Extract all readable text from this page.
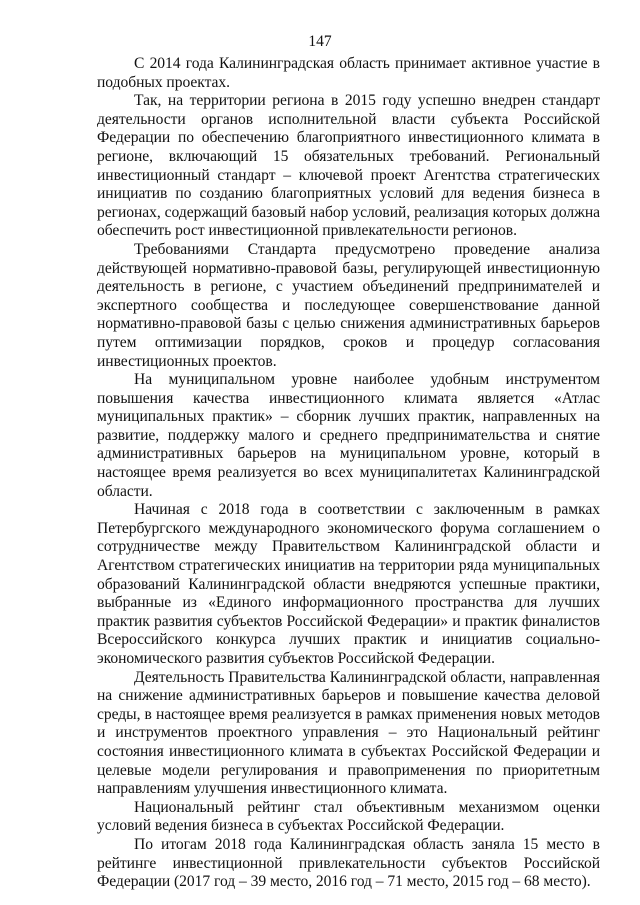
147

С 2014 года Калининградская область принимает активное участие в подобных проектах.

Так, на территории региона в 2015 году успешно внедрен стандарт деятельности органов исполнительной власти субъекта Российской Федерации по обеспечению благоприятного инвестиционного климата в регионе, включающий 15 обязательных требований. Региональный инвестиционный стандарт – ключевой проект Агентства стратегических инициатив по созданию благоприятных условий для ведения бизнеса в регионах, содержащий базовый набор условий, реализация которых должна обеспечить рост инвестиционной привлекательности регионов.

Требованиями Стандарта предусмотрено проведение анализа действующей нормативно-правовой базы, регулирующей инвестиционную деятельность в регионе, с участием объединений предпринимателей и экспертного сообщества и последующее совершенствование данной нормативно-правовой базы с целью снижения административных барьеров путем оптимизации порядков, сроков и процедур согласования инвестиционных проектов.

На муниципальном уровне наиболее удобным инструментом повышения качества инвестиционного климата является «Атлас муниципальных практик» – сборник лучших практик, направленных на развитие, поддержку малого и среднего предпринимательства и снятие административных барьеров на муниципальном уровне, который в настоящее время реализуется во всех муниципалитетах Калининградской области.

Начиная с 2018 года в соответствии с заключенным в рамках Петербургского международного экономического форума соглашением о сотрудничестве между Правительством Калининградской области и Агентством стратегических инициатив на территории ряда муниципальных образований Калининградской области внедряются успешные практики, выбранные из «Единого информационного пространства для лучших практик развития субъектов Российской Федерации» и практик финалистов Всероссийского конкурса лучших практик и инициатив социально-экономического развития субъектов Российской Федерации.

Деятельность Правительства Калининградской области, направленная на снижение административных барьеров и повышение качества деловой среды, в настоящее время реализуется в рамках применения новых методов и инструментов проектного управления – это Национальный рейтинг состояния инвестиционного климата в субъектах Российской Федерации и целевые модели регулирования и правоприменения по приоритетным направлениям улучшения инвестиционного климата.

Национальный рейтинг стал объективным механизмом оценки условий ведения бизнеса в субъектах Российской Федерации.

По итогам 2018 года Калининградская область заняла 15 место в рейтинге инвестиционной привлекательности субъектов Российской Федерации (2017 год – 39 место, 2016 год – 71 место, 2015 год – 68 место).
